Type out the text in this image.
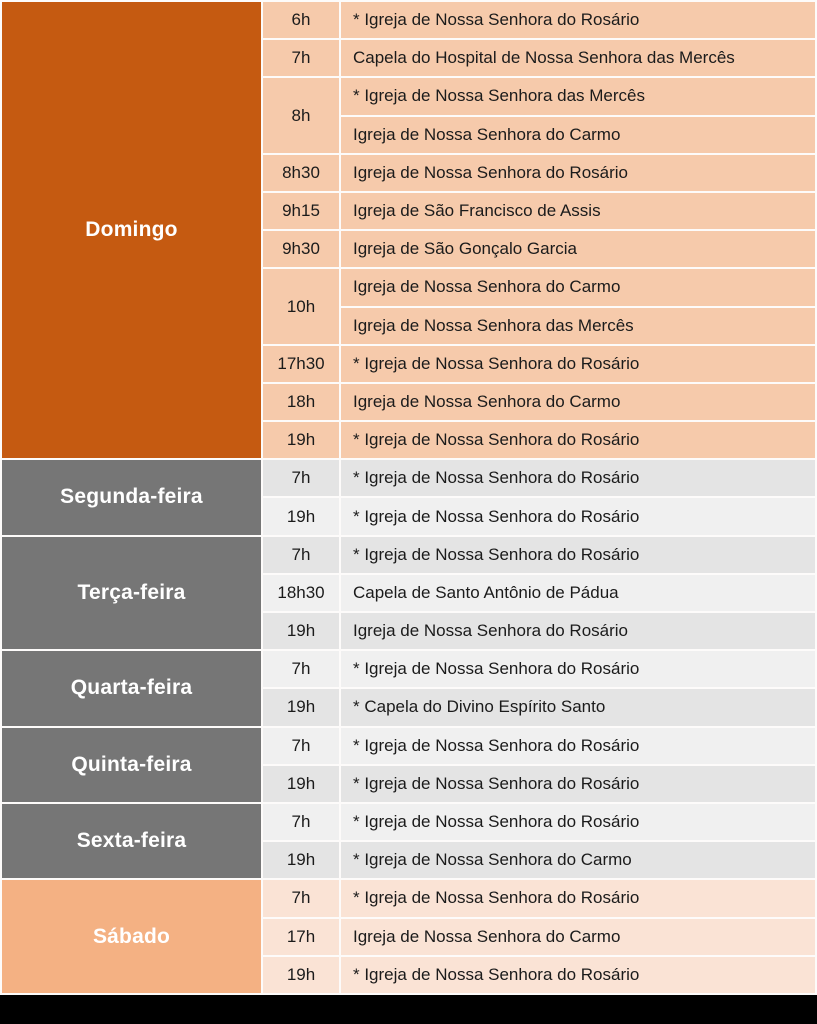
Domingo	6h	* Igreja de Nossa Senhora do Rosário
	7h	Capela do Hospital de Nossa Senhora das Mercês
	8h	* Igreja de Nossa Senhora das Mercês
		Igreja de Nossa Senhora do Carmo
	8h30	Igreja de Nossa Senhora do Rosário
	9h15	Igreja de São Francisco de Assis
	9h30	Igreja de São Gonçalo Garcia
	10h	Igreja de Nossa Senhora do Carmo
		Igreja de Nossa Senhora das Mercês
	17h30	* Igreja de Nossa Senhora do Rosário
	18h	Igreja de Nossa Senhora do Carmo
	19h	* Igreja de Nossa Senhora do Rosário
Segunda-feira	7h	* Igreja de Nossa Senhora do Rosário
	19h	* Igreja de Nossa Senhora do Rosário
Terça-feira	7h	* Igreja de Nossa Senhora do Rosário
	18h30	Capela de Santo Antônio de Pádua
	19h	Igreja de Nossa Senhora do Rosário
Quarta-feira	7h	* Igreja de Nossa Senhora do Rosário
	19h	* Capela do Divino Espírito Santo
Quinta-feira	7h	* Igreja de Nossa Senhora do Rosário
	19h	* Igreja de Nossa Senhora do Rosário
Sexta-feira	7h	* Igreja de Nossa Senhora do Rosário
	19h	* Igreja de Nossa Senhora do Carmo
Sábado	7h	* Igreja de Nossa Senhora do Rosário
	17h	Igreja de Nossa Senhora do Carmo
	19h	* Igreja de Nossa Senhora do Rosário
